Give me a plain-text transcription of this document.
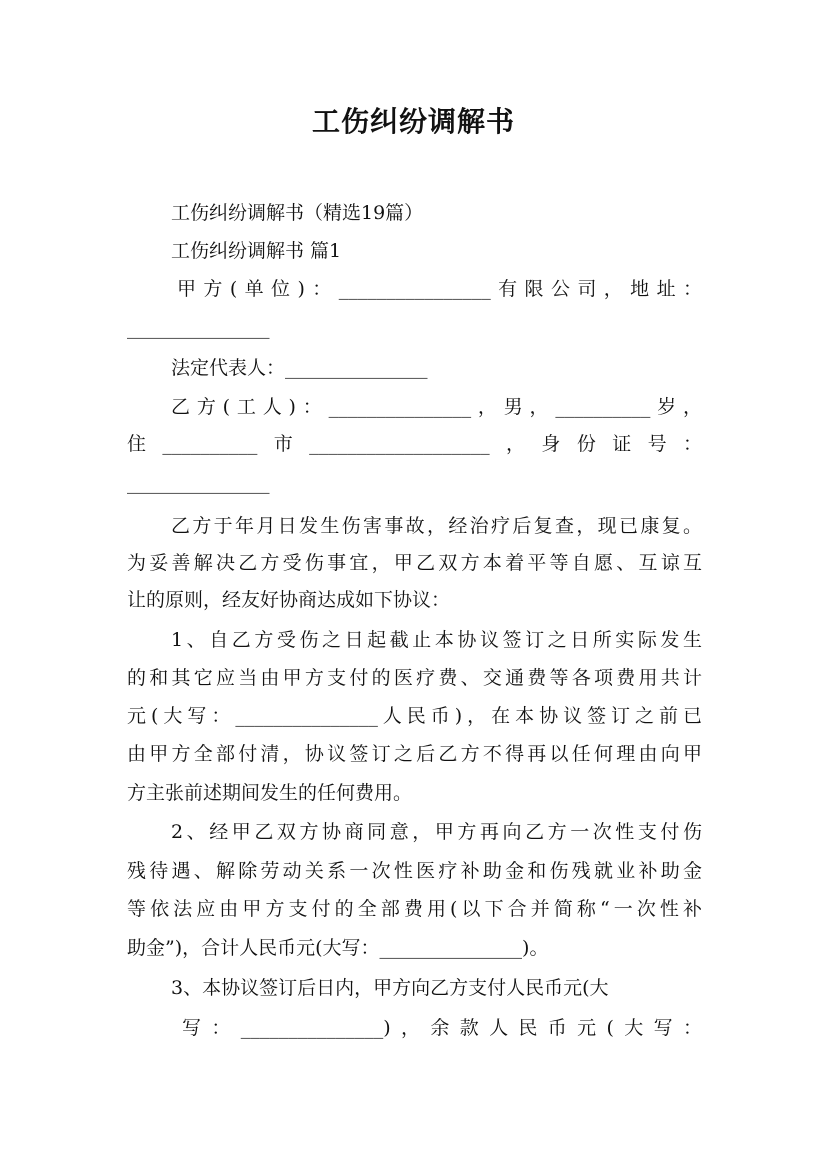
工伤纠纷调解书
工伤纠纷调解书（精选19篇）
工伤纠纷调解书 篇1
甲方(单位)：________________有限公司，地址：
_______________
法定代表人：_______________
乙方(工人)：_______________，男，__________岁，
住__________市___________________，身份证号：
_______________
乙方于年月日发生伤害事故，经治疗后复查，现已康复。
为妥善解决乙方受伤事宜，甲乙双方本着平等自愿、互谅互
让的原则，经友好协商达成如下协议：
1、自乙方受伤之日起截止本协议签订之日所实际发生
的和其它应当由甲方支付的医疗费、交通费等各项费用共计
元(大写：_______________人民币)，在本协议签订之前已
由甲方全部付清，协议签订之后乙方不得再以任何理由向甲
方主张前述期间发生的任何费用。
2、经甲乙双方协商同意，甲方再向乙方一次性支付伤
残待遇、解除劳动关系一次性医疗补助金和伤残就业补助金
等依法应由甲方支付的全部费用(以下合并简称“一次性补
助金”)，合计人民币元(大写：_______________)。
3、本协议签订后日内，甲方向乙方支付人民币元(大
写：_______________)，余款人民币元(大写：
